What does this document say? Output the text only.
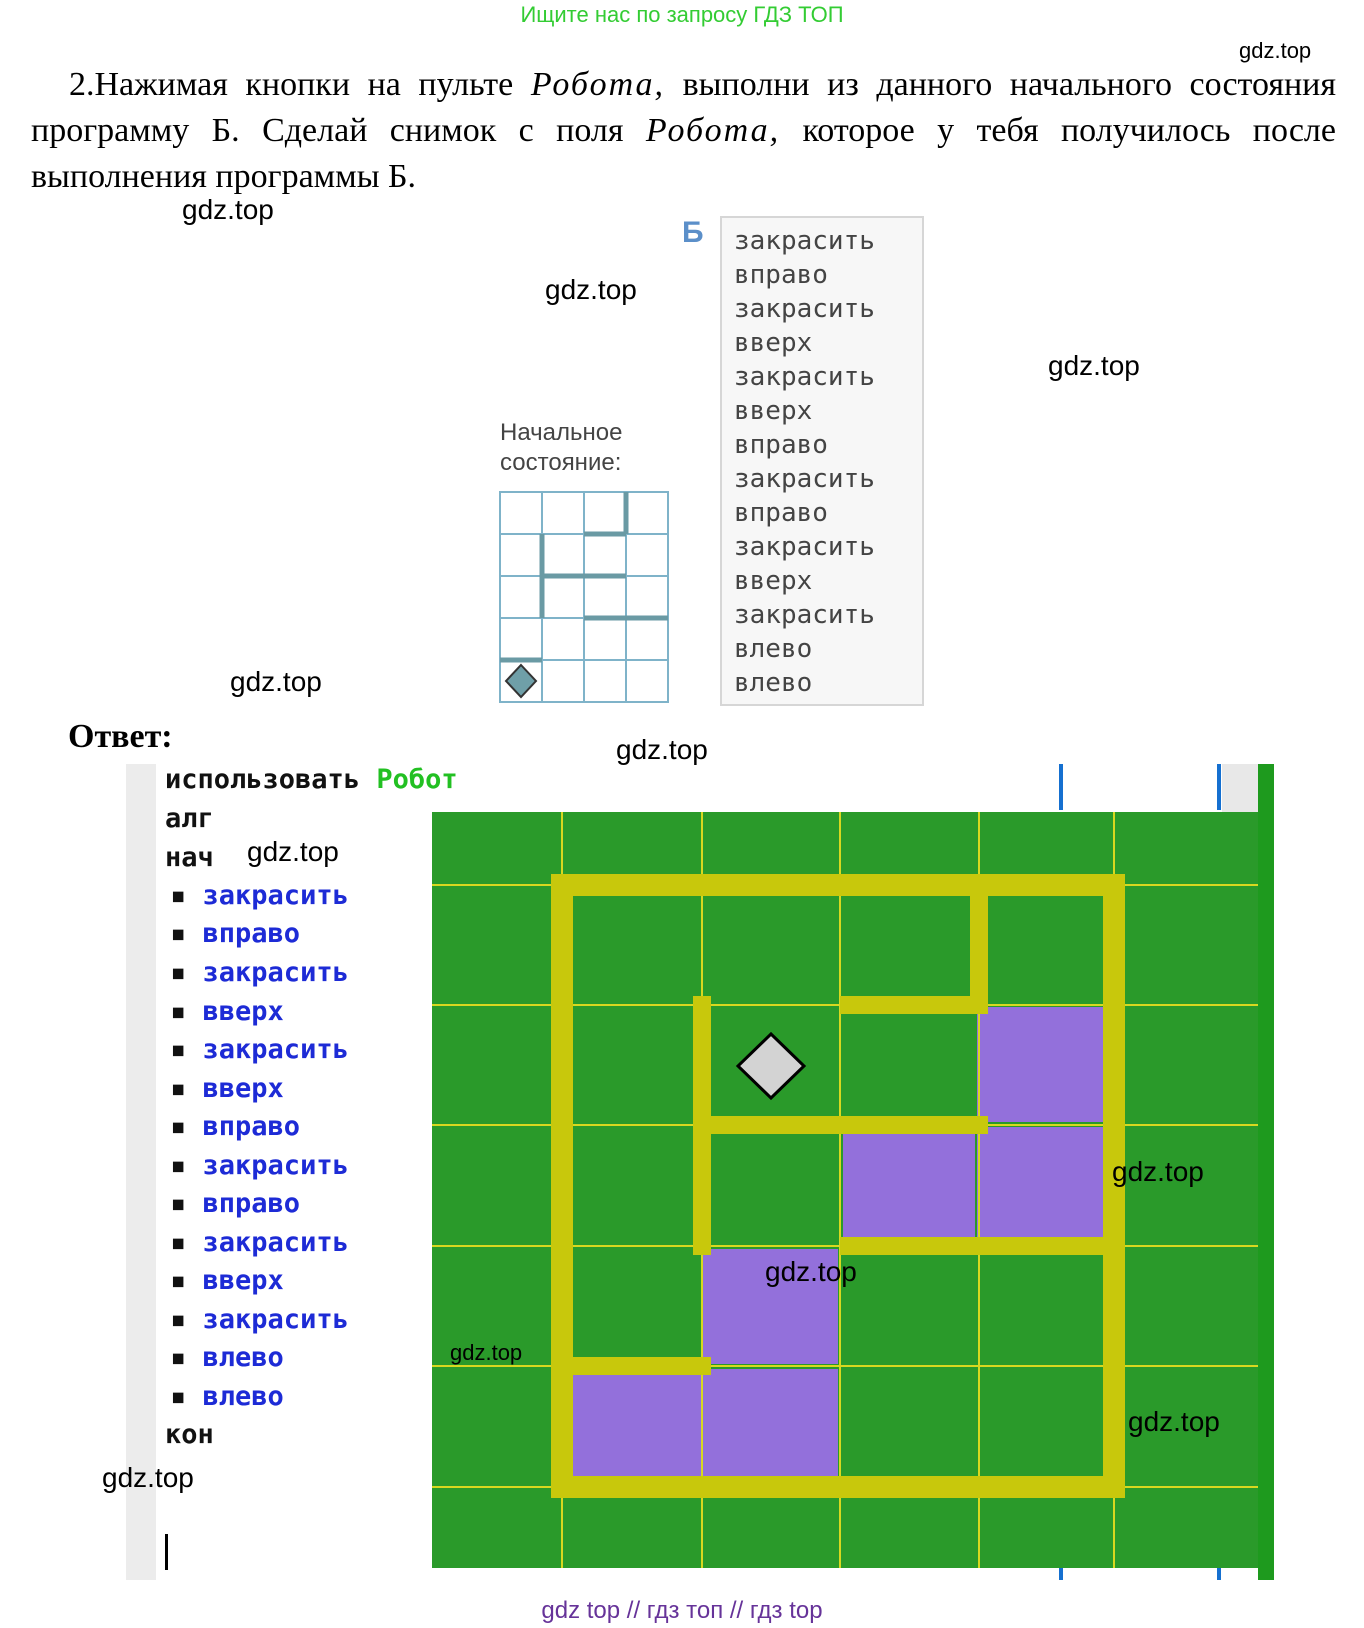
Ищите нас по запросу ГДЗ ТОП
gdz.top

2.Нажимая кнопки на пульте Робота, выполни из данного начального состояния программу Б. Сделай снимок с поля Робота, которое у тебя получилось после выполнения программы Б.

gdz.top
gdz.top
gdz.top
gdz.top
Б закрасить
вправо
закрасить
вверх
закрасить
вверх
вправо
закрасить
вправо
закрасить
вверх
закрасить
влево
влево
Начальное
состояние:
Ответ:	gdz.top
использовать Робот
алг
нач gdz.top
▪ закрасить
▪ вправо
▪ закрасить
▪ вверх
▪ закрасить
▪ вверх
▪ вправо
▪ закрасить
▪ вправо
▪ закрасить
▪ вверх
▪ закрасить
▪ влево
▪ влево
кон
gdz.top
gdz.top
gdz.top
gdz.top
gdz.top
gdz top // гдз топ // гдз top
